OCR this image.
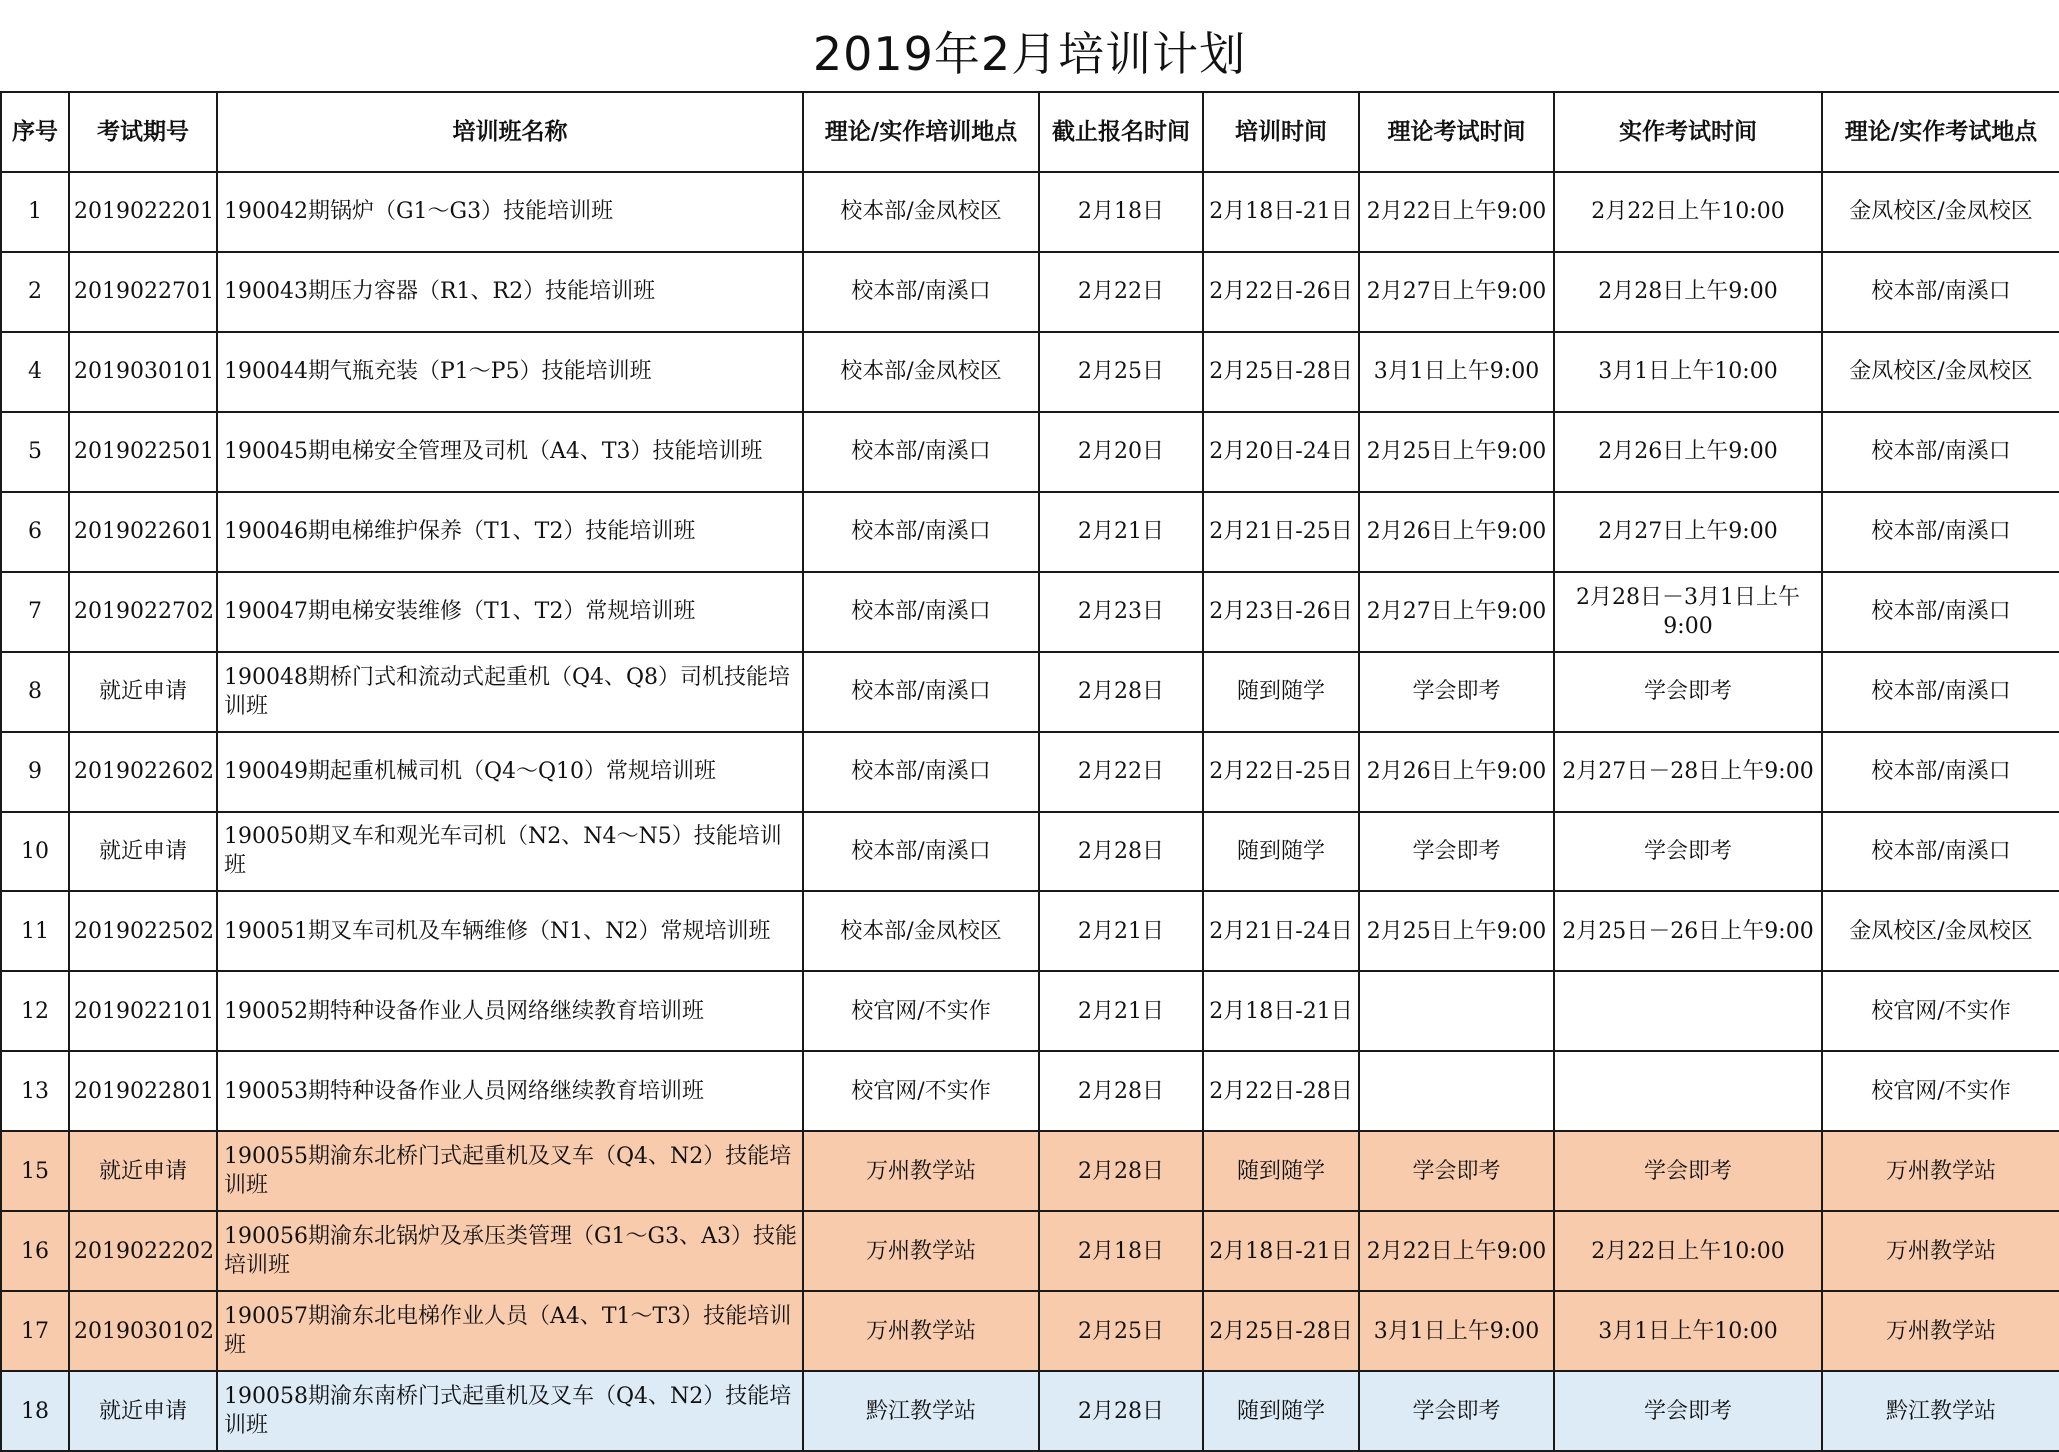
2019年2月培训计划
序号	考试期号	培训班名称	理论/实作培训地点	截止报名时间	培训时间	理论考试时间	实作考试时间	理论/实作考试地点
1	2019022201	190042期锅炉（G1～G3）技能培训班	校本部/金凤校区	2月18日	2月18日-21日	2月22日上午9:00	2月22日上午10:00	金凤校区/金凤校区
2	2019022701	190043期压力容器（R1、R2）技能培训班	校本部/南溪口	2月22日	2月22日-26日	2月27日上午9:00	2月28日上午9:00	校本部/南溪口
4	2019030101	190044期气瓶充装（P1～P5）技能培训班	校本部/金凤校区	2月25日	2月25日-28日	3月1日上午9:00	3月1日上午10:00	金凤校区/金凤校区
5	2019022501	190045期电梯安全管理及司机（A4、T3）技能培训班	校本部/南溪口	2月20日	2月20日-24日	2月25日上午9:00	2月26日上午9:00	校本部/南溪口
6	2019022601	190046期电梯维护保养（T1、T2）技能培训班	校本部/南溪口	2月21日	2月21日-25日	2月26日上午9:00	2月27日上午9:00	校本部/南溪口
7	2019022702	190047期电梯安装维修（T1、T2）常规培训班	校本部/南溪口	2月23日	2月23日-26日	2月27日上午9:00	2月28日－3月1日上午9:00	校本部/南溪口
8	就近申请	190048期桥门式和流动式起重机（Q4、Q8）司机技能培训班	校本部/南溪口	2月28日	随到随学	学会即考	学会即考	校本部/南溪口
9	2019022602	190049期起重机械司机（Q4～Q10）常规培训班	校本部/南溪口	2月22日	2月22日-25日	2月26日上午9:00	2月27日－28日上午9:00	校本部/南溪口
10	就近申请	190050期叉车和观光车司机（N2、N4～N5）技能培训班	校本部/南溪口	2月28日	随到随学	学会即考	学会即考	校本部/南溪口
11	2019022502	190051期叉车司机及车辆维修（N1、N2）常规培训班	校本部/金凤校区	2月21日	2月21日-24日	2月25日上午9:00	2月25日－26日上午9:00	金凤校区/金凤校区
12	2019022101	190052期特种设备作业人员网络继续教育培训班	校官网/不实作	2月21日	2月18日-21日			校官网/不实作
13	2019022801	190053期特种设备作业人员网络继续教育培训班	校官网/不实作	2月28日	2月22日-28日			校官网/不实作
15	就近申请	190055期渝东北桥门式起重机及叉车（Q4、N2）技能培训班	万州教学站	2月28日	随到随学	学会即考	学会即考	万州教学站
16	2019022202	190056期渝东北锅炉及承压类管理（G1～G3、A3）技能培训班	万州教学站	2月18日	2月18日-21日	2月22日上午9:00	2月22日上午10:00	万州教学站
17	2019030102	190057期渝东北电梯作业人员（A4、T1～T3）技能培训班	万州教学站	2月25日	2月25日-28日	3月1日上午9:00	3月1日上午10:00	万州教学站
18	就近申请	190058期渝东南桥门式起重机及叉车（Q4、N2）技能培训班	黔江教学站	2月28日	随到随学	学会即考	学会即考	黔江教学站
